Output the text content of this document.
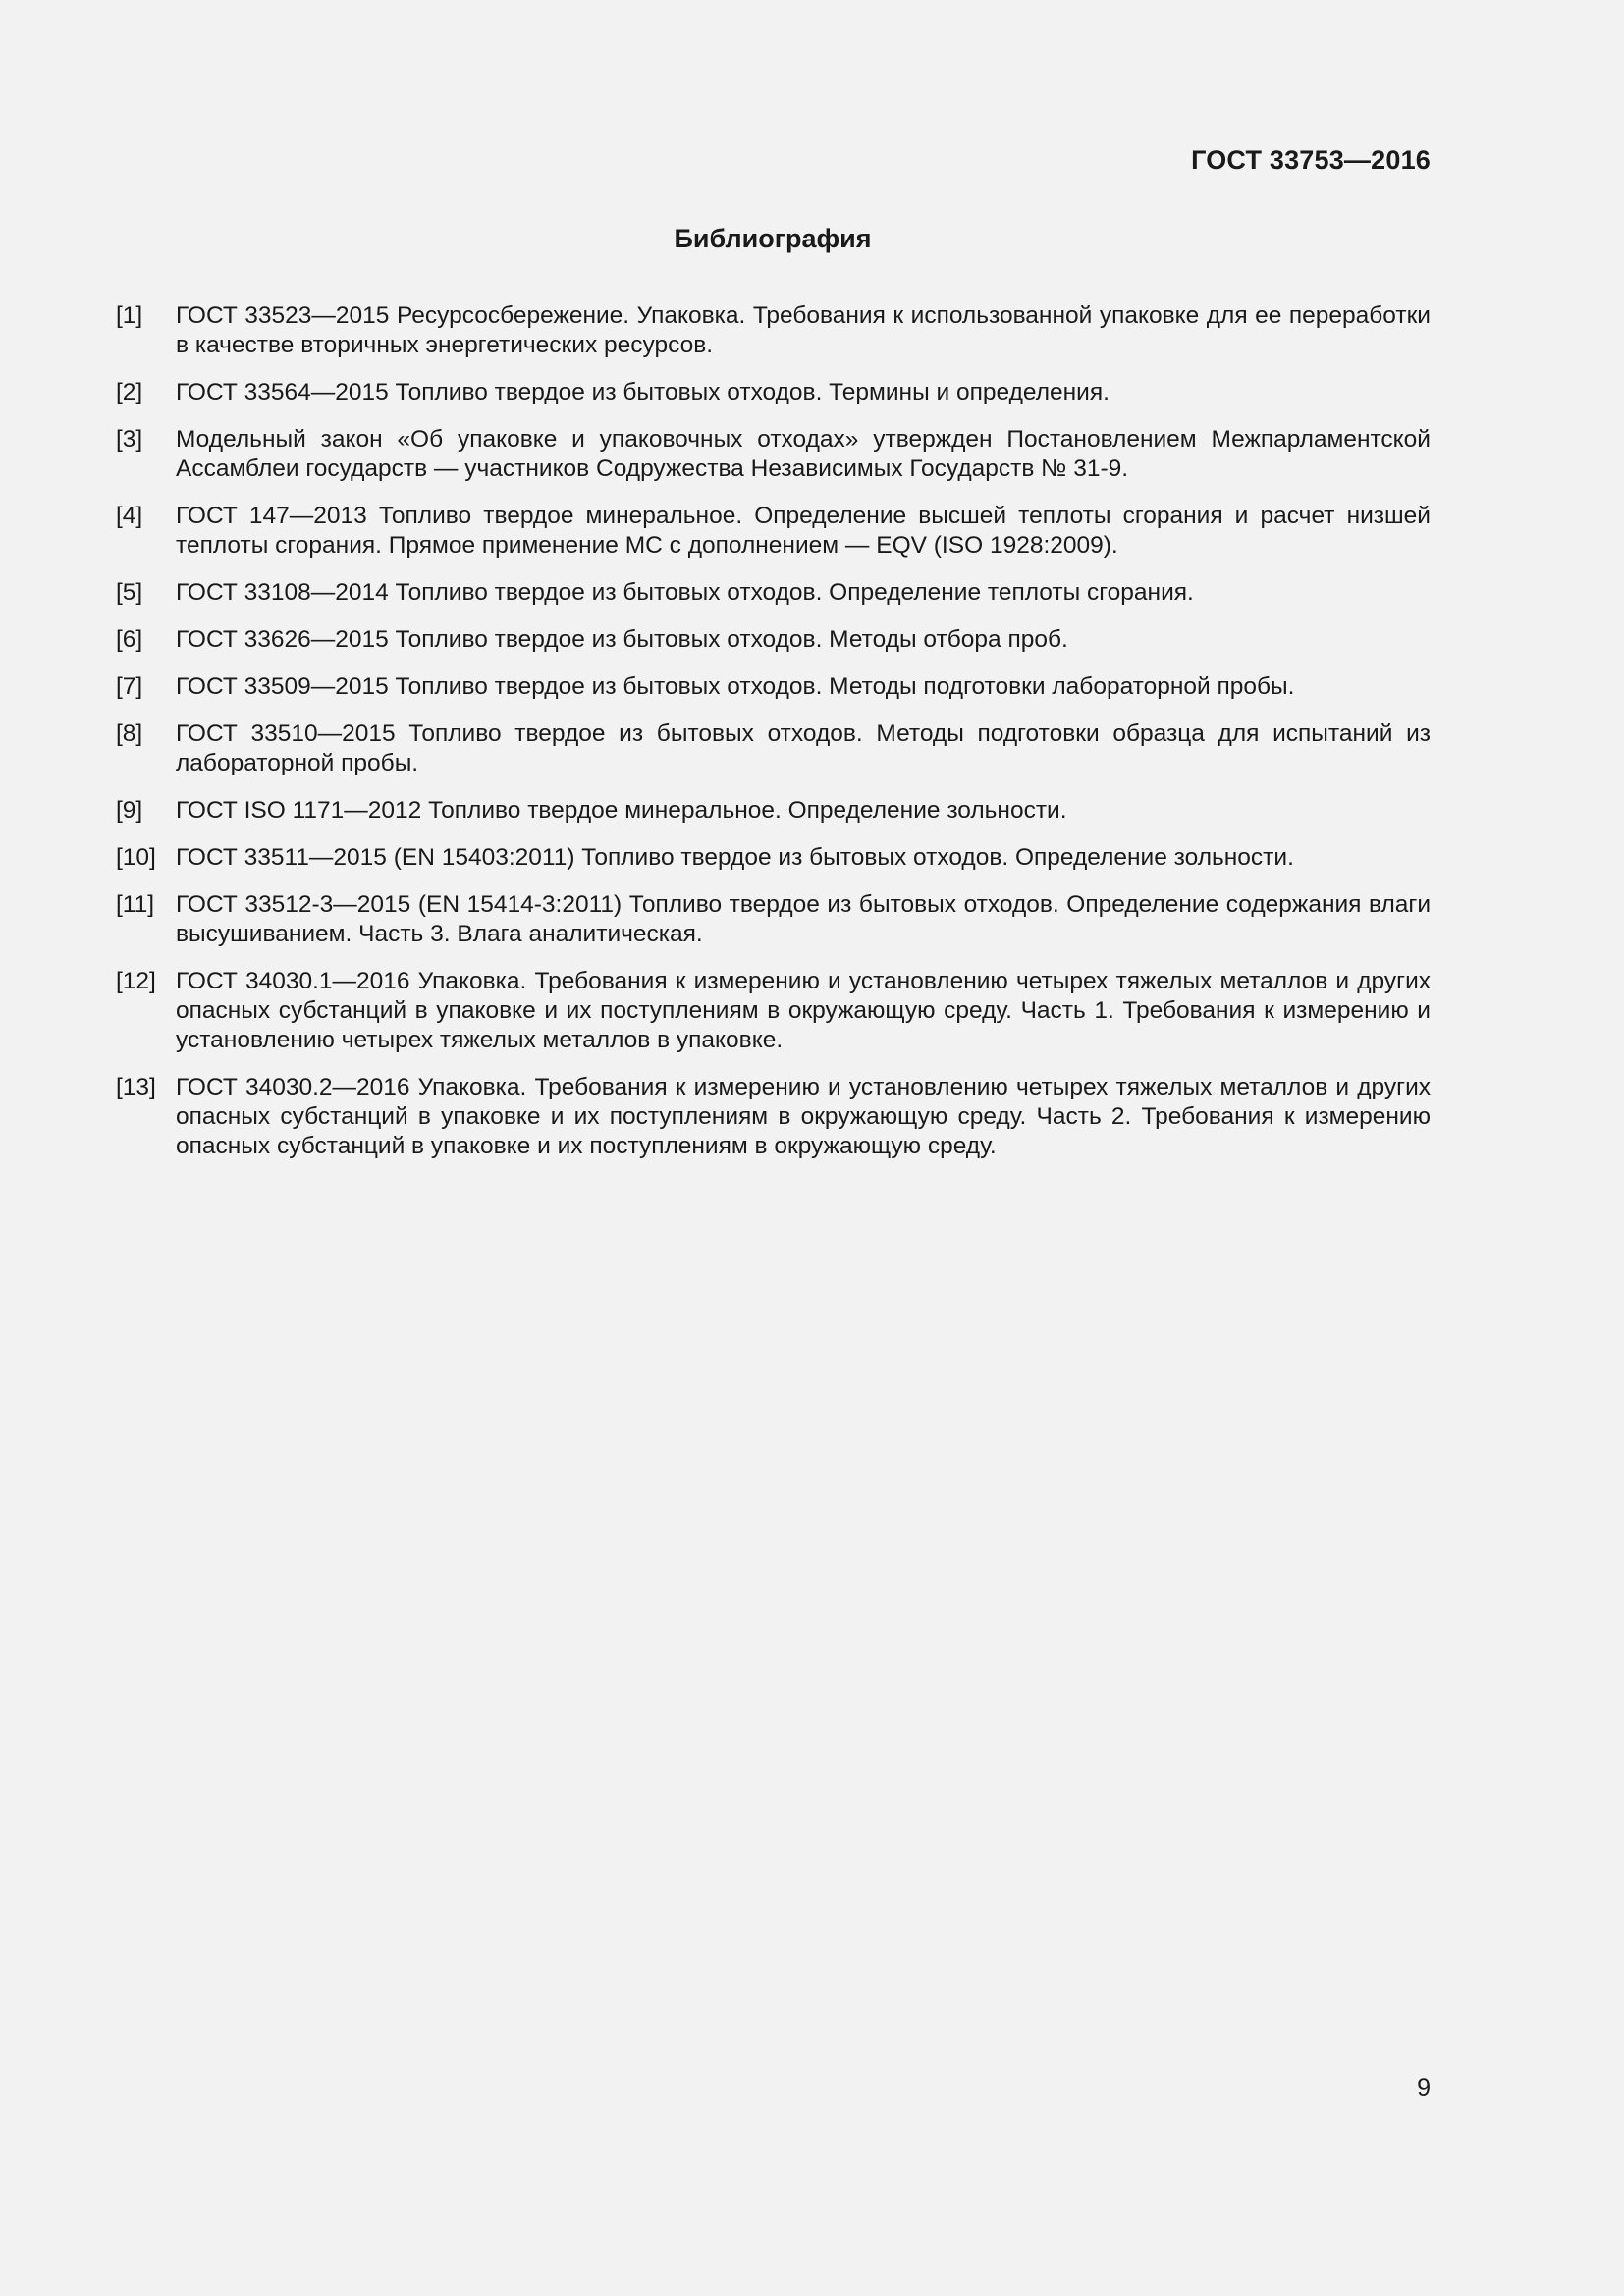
ГОСТ 33753—2016
Библиография
[1]	ГОСТ 33523—2015 Ресурсосбережение. Упаковка. Требования к использованной упаковке для ее переработки в качестве вторичных энергетических ресурсов.
[2]	ГОСТ 33564—2015 Топливо твердое из бытовых отходов. Термины и определения.
[3]	Модельный закон «Об упаковке и упаковочных отходах» утвержден Постановлением Межпарламентской Ассамблеи государств — участников Содружества Независимых Государств № 31-9.
[4]	ГОСТ 147—2013 Топливо твердое минеральное. Определение высшей теплоты сгорания и расчет низшей теплоты сгорания. Прямое применение МС с дополнением — EQV (ISO 1928:2009).
[5]	ГОСТ 33108—2014 Топливо твердое из бытовых отходов. Определение теплоты сгорания.
[6]	ГОСТ 33626—2015 Топливо твердое из бытовых отходов. Методы отбора проб.
[7]	ГОСТ 33509—2015 Топливо твердое из бытовых отходов. Методы подготовки лабораторной пробы.
[8]	ГОСТ 33510—2015 Топливо твердое из бытовых отходов. Методы подготовки образца для испытаний из лабораторной пробы.
[9]	ГОСТ ISO 1171—2012 Топливо твердое минеральное. Определение зольности.
[10] ГОСТ 33511—2015 (EN 15403:2011) Топливо твердое из бытовых отходов. Определение зольности.
[11] ГОСТ 33512-3—2015 (EN 15414-3:2011) Топливо твердое из бытовых отходов. Определение содержания влаги высушиванием. Часть 3. Влага аналитическая.
[12] ГОСТ 34030.1—2016 Упаковка. Требования к измерению и установлению четырех тяжелых металлов и других опасных субстанций в упаковке и их поступлениям в окружающую среду. Часть 1. Требования к измерению и установлению четырех тяжелых металлов в упаковке.
[13] ГОСТ 34030.2—2016 Упаковка. Требования к измерению и установлению четырех тяжелых металлов и других опасных субстанций в упаковке и их поступлениям в окружающую среду. Часть 2. Требования к измерению опасных субстанций в упаковке и их поступлениям в окружающую среду.
9
